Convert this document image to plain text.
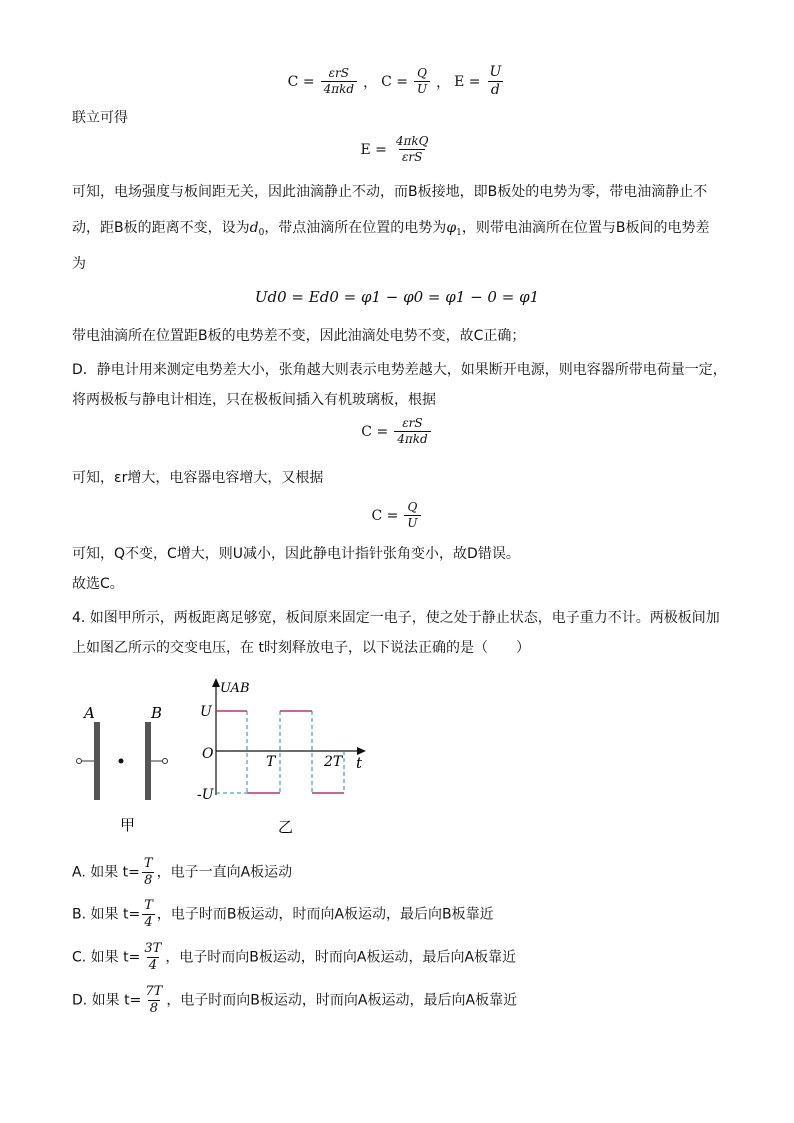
$C = \frac{\text{εrS}}{\text{4πkd}}$ ， $C = \frac{Q}{U}$ ， $E = \frac{U}{d}$
联立可得
$E = \frac{\text{4πkQ}}{\text{εrS}}$
可知，电场强度与板间距无关，因此油滴静止不动，而B板接地，即B板处的电势为零，带电油滴静止不
动，距B板的距离不变，设为$d_0$，带点油滴所在位置的电势为$\varphi_1$，则带电油滴所在位置与B板间的电势差
为
Ud0 = Ed0 = φ1 − φ0 = φ1 − 0 = φ1
带电油滴所在位置距B板的电势差不变，因此油滴处电势不变，故C正确；
D．静电计用来测定电势差大小，张角越大则表示电势差越大，如果断开电源，则电容器所带电荷量一定，
将两极板与静电计相连，只在极板间插入有机玻璃板，根据
$C = \frac{\text{εrS}}{\text{4πkd}}$
可知，εr增大，电容器电容增大，又根据
$C = \frac{Q}{U}$
可知，Q不变，C增大，则U减小，因此静电计指针张角变小，故D错误。
故选C。
4. 如图甲所示，两板距离足够宽，板间原来固定一电子，使之处于静止状态，电子重力不计。两极板间加
上如图乙所示的交变电压，在 t时刻释放电子，以下说法正确的是（　　）
A	B
甲
UAB
U
-U
O	T	2T t
乙
A. 如果 $t= \frac{T}{8}$ ，电子一直向A板运动
B. 如果 $t= \frac{T}{4}$ ，电子时而B板运动，时而向A板运动，最后向B板靠近
C. 如果 $t= \frac{3T}{4}$ ，电子时而向B板运动，时而向A板运动，最后向A板靠近
D. 如果 $t= \frac{7T}{8}$ ，电子时而向B板运动，时而向A板运动，最后向A板靠近
